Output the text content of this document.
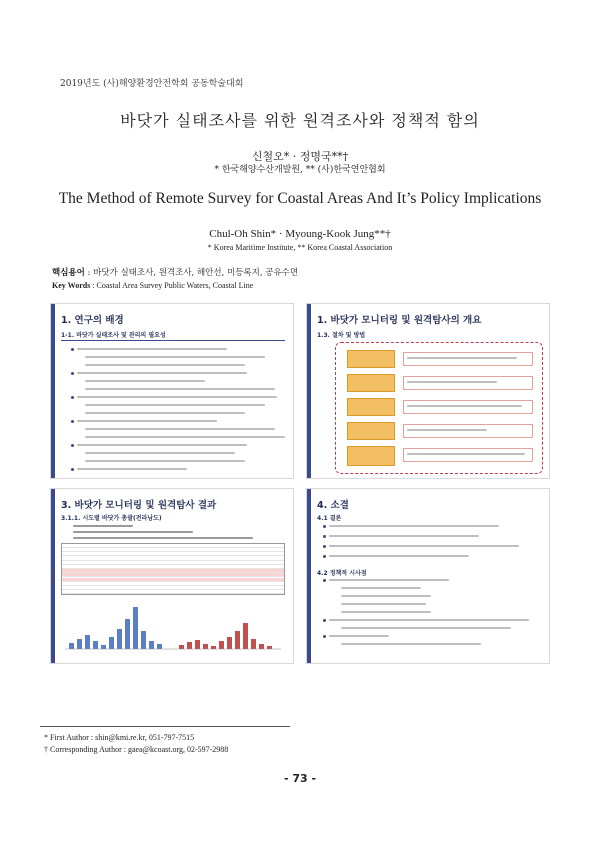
2019년도 (사)해양환경안전학회 공동학술대회
바닷가 실태조사를 위한 원격조사와 정책적 함의
신철오* · 정명국**†
* 한국해양수산개발원, ** (사)한국연안협회
The Method of Remote Survey for Coastal Areas And It’s Policy Implications
Chul-Oh Shin* · Myoung-Kook Jung**†
* Korea Maritime Institute, ** Korea Coastal Association
핵심용어 : 바닷가 실태조사, 원격조사, 해안선, 미등록지, 공유수면
Key Words : Coastal Area Survey Public Waters, Coastal Line
1. 연구의 배경
1-1. 바닷가 실태조사 및 관리의 필요성
1. 바닷가 모니터링 및 원격탐사의 개요
1.3. 절차 및 방법
3. 바닷가 모니터링 및 원격탐사 결과
3.1.1. 시도별 바닷가 총괄(전라남도)
4. 소결
4.1 결론
4.2 정책적 시사점
* First Author : shin@kmi.re.kr, 051-797-7515
† Corresponding Author : gaea@kcoast.org, 02-597-2988
- 73 -
